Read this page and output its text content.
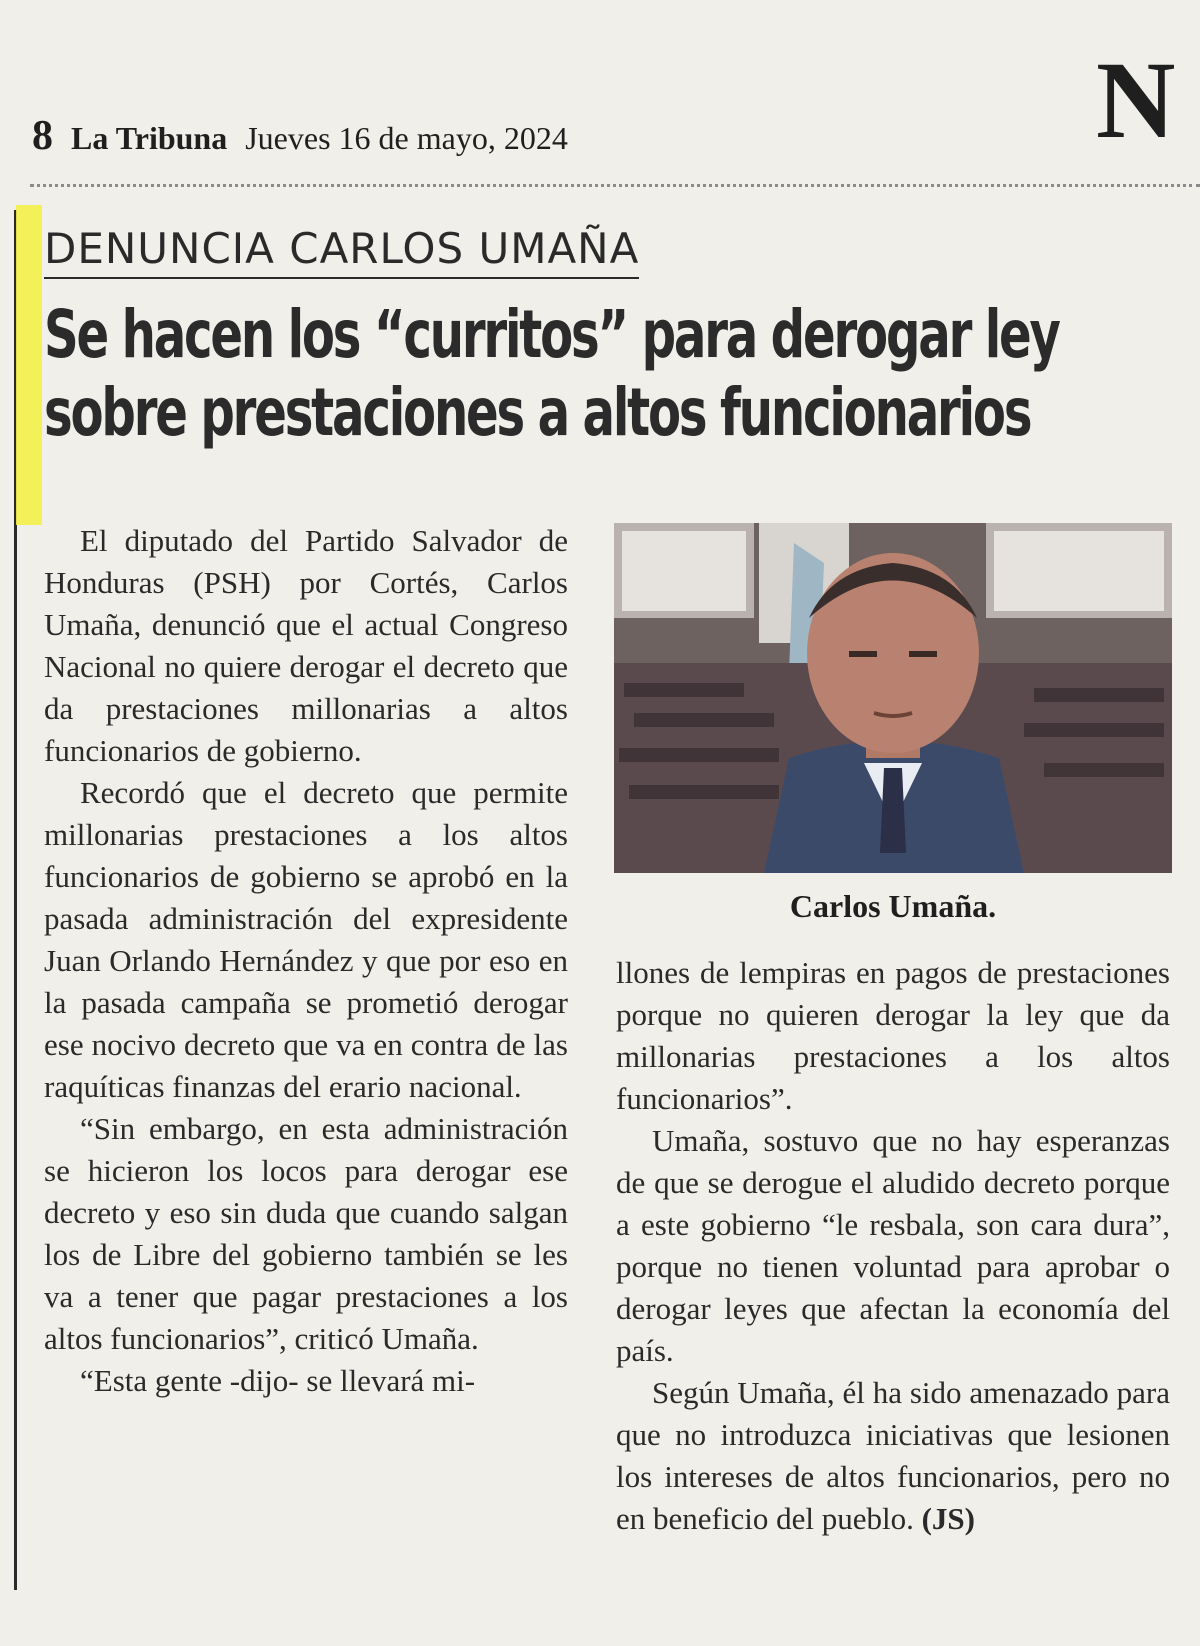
8 La Tribuna Jueves 16 de mayo, 2024	N
DENUNCIA CARLOS UMAÑA
Se hacen los “curritos” para derogar ley
sobre prestaciones a altos funcionarios

El diputado del Partido Salvador de Honduras (PSH) por Cortés, Carlos Umaña, denunció que el actual Congreso Nacional no quiere derogar el decreto que da prestaciones millonarias a altos funcionarios de gobierno.

Recordó que el decreto que permite millonarias prestaciones a los altos funcionarios de gobierno se aprobó en la pasada administración del expresidente Juan Orlando Hernández y que por eso en la pasada campaña se prometió derogar ese nocivo decreto que va en contra de las raquíticas finanzas del erario nacional.

“Sin embargo, en esta administración se hicieron los locos para derogar ese decreto y eso sin duda que cuando salgan los de Libre del gobierno también se les va a tener que pagar prestaciones a los altos funcionarios”, criticó Umaña.

“Esta gente -dijo- se llevará mi-

Carlos Umaña.

llones de lempiras en pagos de prestaciones porque no quieren derogar la ley que da millonarias prestaciones a los altos funcionarios”.

Umaña, sostuvo que no hay esperanzas de que se derogue el aludido decreto porque a este gobierno “le resbala, son cara dura”, porque no tienen voluntad para aprobar o derogar leyes que afectan la economía del país.

Según Umaña, él ha sido amenazado para que no introduzca iniciativas que lesionen los intereses de altos funcionarios, pero no en beneficio del pueblo. (JS)
